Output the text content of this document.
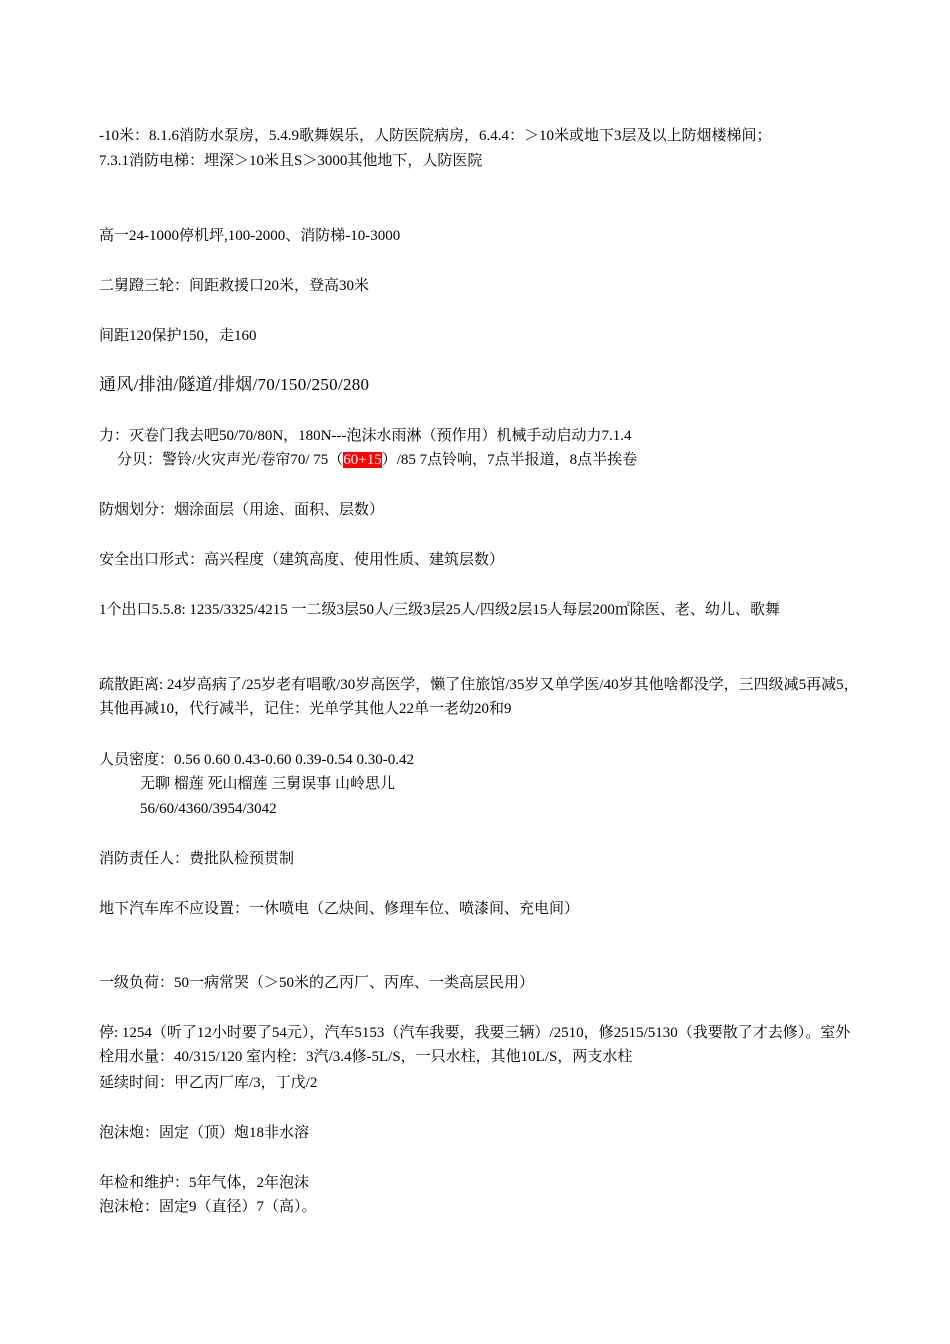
-10米：8.1.6消防水泵房，5.4.9歌舞娱乐，人防医院病房，6.4.4：＞10米或地下3层及以上防烟楼梯间；

7.3.1消防电梯：埋深＞10米且S＞3000其他地下，人防医院

高一24-1000停机坪,100-2000、消防梯-10-3000

二舅蹬三轮：间距救援口20米，登高30米

间距120保护150，走160

通风/排油/隧道/排烟/70/150/250/280

力：灭卷门我去吧50/70/80N，180N---泡沫水雨淋（预作用）机械手动启动力7.1.4

分贝：警铃/火灾声光/卷帘70/ 75（60+15）/85 7点铃响，7点半报道，8点半挨卷

防烟划分：烟涂面层（用途、面积、层数）

安全出口形式：高兴程度（建筑高度、使用性质、建筑层数）

1个出口5.5.8: 1235/3325/4215 一二级3层50人/三级3层25人/四级2层15人每层200㎡除医、老、幼儿、歌舞

疏散距离: 24岁高病了/25岁老有唱歌/30岁高医学，懒了住旅馆/35岁又单学医/40岁其他啥都没学，三四级减5再减5，其他再减10，代行减半，记住：光单学其他人22单一老幼20和9

人员密度：0.56 0.60 0.43-0.60 0.39-0.54 0.30-0.42

无聊 榴莲 死山榴莲 三舅误事 山岭思儿

56/60/4360/3954/3042

消防责任人：费批队检预贯制

地下汽车库不应设置：一休喷电（乙炔间、修理车位、喷漆间、充电间）

一级负荷：50一病常哭（＞50米的乙丙厂、丙库、一类高层民用）

停: 1254（听了12小时要了54元），汽车5153（汽车我要，我要三辆）/2510，修2515/5130（我要散了才去修）。室外栓用水量：40/315/120 室内栓：3汽/3.4修-5L/S，一只水柱，其他10L/S，两支水柱

延续时间：甲乙丙厂库/3，丁戊/2

泡沫炮：固定（顶）炮18非水溶

年检和维护：5年气体，2年泡沫

泡沫枪：固定9（直径）7（高）。
